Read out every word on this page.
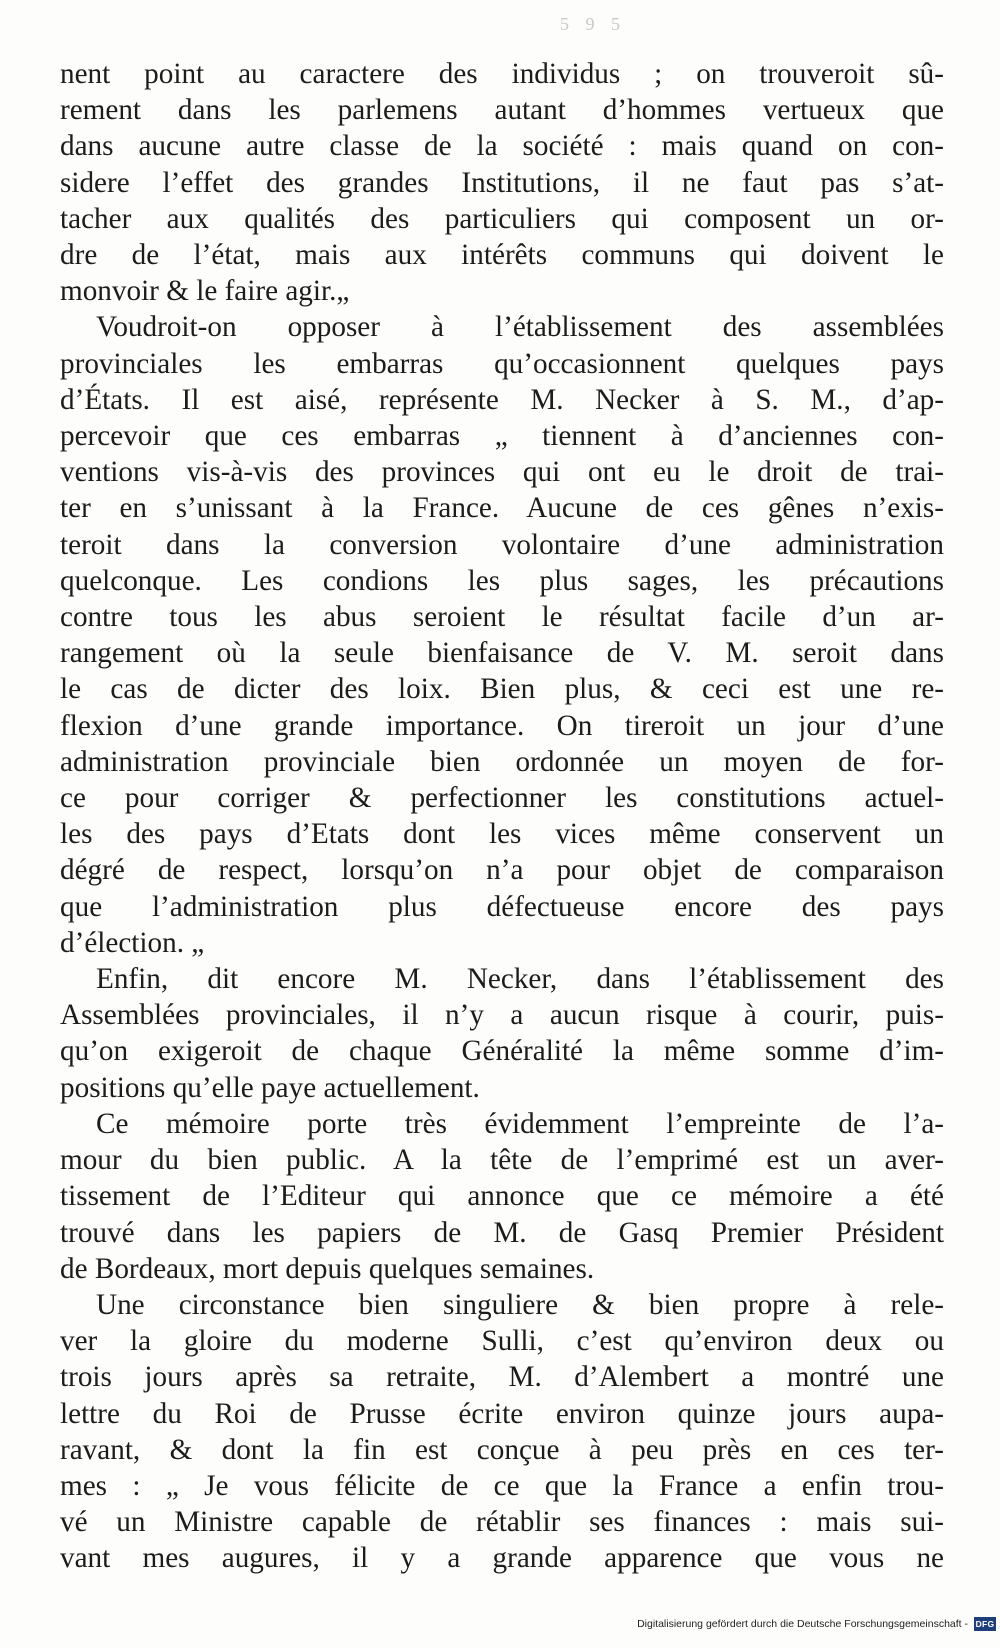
5 9 5

nent point au caractere des individus ; on trouveroit sû-
rement dans les parlemens autant d’hommes vertueux que
dans aucune autre classe de la société : mais quand on con-
sidere l’effet des grandes Institutions, il ne faut pas s’at-
tacher aux qualités des particuliers qui composent un or-
dre de l’état, mais aux intérêts communs qui doivent le
monvoir & le faire agir.„

Voudroit-on opposer à l’établissement des assemblées
provinciales les embarras qu’occasionnent quelques pays
d’États. Il est aisé, représente M. Necker à S. M., d’ap-
percevoir que ces embarras „ tiennent à d’anciennes con-
ventions vis-à-vis des provinces qui ont eu le droit de trai-
ter en s’unissant à la France. Aucune de ces gênes n’exis-
teroit dans la conversion volontaire d’une administration
quelconque. Les condions les plus sages, les précautions
contre tous les abus seroient le résultat facile d’un ar-
rangement où la seule bienfaisance de V. M. seroit dans
le cas de dicter des loix. Bien plus, & ceci est une re-
flexion d’une grande importance. On tireroit un jour d’une
administration provinciale bien ordonnée un moyen de for-
ce pour corriger & perfectionner les constitutions actuel-
les des pays d’Etats dont les vices même conservent un
dégré de respect, lorsqu’on n’a pour objet de comparaison
que l’administration plus défectueuse encore des pays
d’élection. „

Enfin, dit encore M. Necker, dans l’établissement des
Assemblées provinciales, il n’y a aucun risque à courir, puis-
qu’on exigeroit de chaque Généralité la même somme d’im-
positions qu’elle paye actuellement.

Ce mémoire porte très évidemment l’empreinte de l’a-
mour du bien public. A la tête de l’emprimé est un aver-
tissement de l’Editeur qui annonce que ce mémoire a été
trouvé dans les papiers de M. de Gasq Premier Président
de Bordeaux, mort depuis quelques semaines.

Une circonstance bien singuliere & bien propre à rele-
ver la gloire du moderne Sulli, c’est qu’environ deux ou
trois jours après sa retraite, M. d’Alembert a montré une
lettre du Roi de Prusse écrite environ quinze jours aupa-
ravant, & dont la fin est conçue à peu près en ces ter-
mes : „ Je vous félicite de ce que la France a enfin trou-
vé un Ministre capable de rétablir ses finances : mais sui-
vant mes augures, il y a grande apparence que vous ne

Digitalisierung gefördert durch die Deutsche Forschungsgemeinschaft - DFG
